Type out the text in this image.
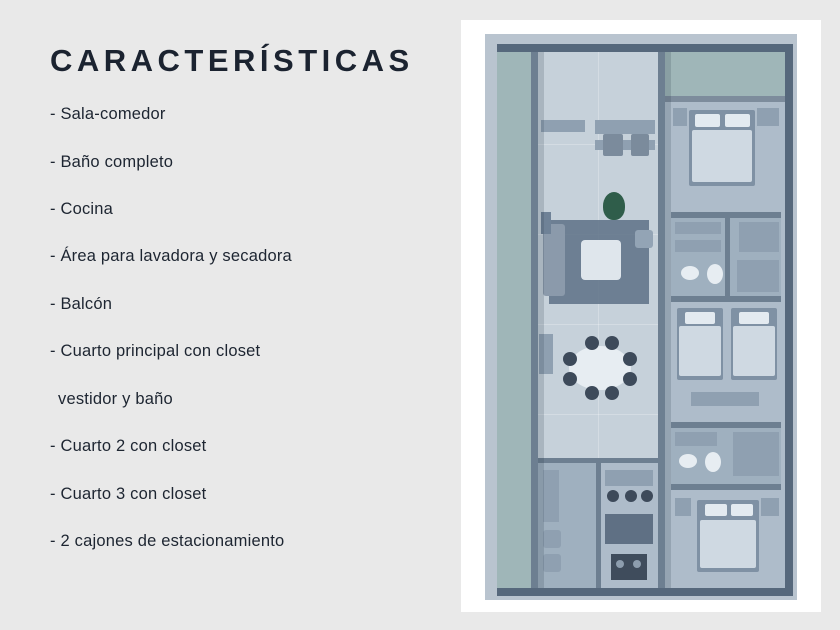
CARACTERÍSTICAS

- Sala-comedor

- Baño completo

- Cocina

- Área para lavadora y secadora

- Balcón

- Cuarto principal con closet

vestidor y baño

- Cuarto 2 con closet

- Cuarto 3 con closet

- 2 cajones de estacionamiento
